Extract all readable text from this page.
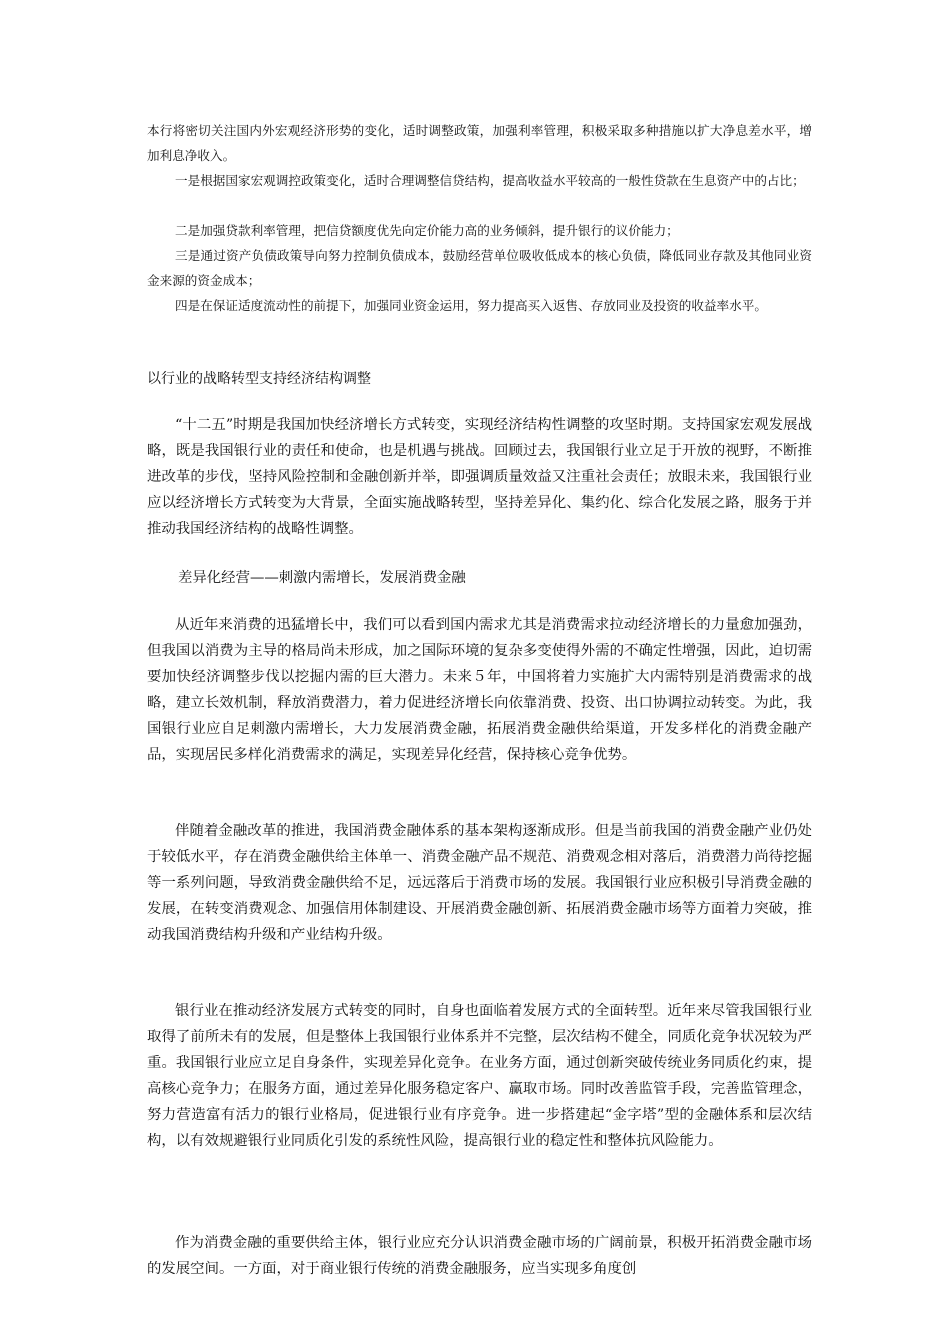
本行将密切关注国内外宏观经济形势的变化，适时调整政策，加强利率管理，积极采取多种措施以扩大净息差水平，增加利息净收入。

一是根据国家宏观调控政策变化，适时合理调整信贷结构，提高收益水平较高的一般性贷款在生息资产中的占比；

二是加强贷款利率管理，把信贷额度优先向定价能力高的业务倾斜，提升银行的议价能力；

三是通过资产负债政策导向努力控制负债成本，鼓励经营单位吸收低成本的核心负债，降低同业存款及其他同业资金来源的资金成本；

四是在保证适度流动性的前提下，加强同业资金运用，努力提高买入返售、存放同业及投资的收益率水平。

以行业的战略转型支持经济结构调整

“十二五”时期是我国加快经济增长方式转变，实现经济结构性调整的攻坚时期。支持国家宏观发展战略，既是我国银行业的责任和使命，也是机遇与挑战。回顾过去，我国银行业立足于开放的视野，不断推进改革的步伐，坚持风险控制和金融创新并举，即强调质量效益又注重社会责任；放眼未来，我国银行业应以经济增长方式转变为大背景，全面实施战略转型，坚持差异化、集约化、综合化发展之路，服务于并推动我国经济结构的战略性调整。

差异化经营——刺激内需增长，发展消费金融

从近年来消费的迅猛增长中，我们可以看到国内需求尤其是消费需求拉动经济增长的力量愈加强劲，但我国以消费为主导的格局尚未形成，加之国际环境的复杂多变使得外需的不确定性增强，因此，迫切需要加快经济调整步伐以挖掘内需的巨大潜力。未来５年，中国将着力实施扩大内需特别是消费需求的战略，建立长效机制，释放消费潜力，着力促进经济增长向依靠消费、投资、出口协调拉动转变。为此，我国银行业应自足刺激内需增长，大力发展消费金融，拓展消费金融供给渠道，开发多样化的消费金融产品，实现居民多样化消费需求的满足，实现差异化经营，保持核心竞争优势。

伴随着金融改革的推进，我国消费金融体系的基本架构逐渐成形。但是当前我国的消费金融产业仍处于较低水平，存在消费金融供给主体单一、消费金融产品不规范、消费观念相对落后，消费潜力尚待挖掘等一系列问题，导致消费金融供给不足，远远落后于消费市场的发展。我国银行业应积极引导消费金融的发展，在转变消费观念、加强信用体制建设、开展消费金融创新、拓展消费金融市场等方面着力突破，推动我国消费结构升级和产业结构升级。

银行业在推动经济发展方式转变的同时，自身也面临着发展方式的全面转型。近年来尽管我国银行业取得了前所未有的发展，但是整体上我国银行业体系并不完整，层次结构不健全，同质化竞争状况较为严重。我国银行业应立足自身条件，实现差异化竞争。在业务方面，通过创新突破传统业务同质化约束，提高核心竞争力；在服务方面，通过差异化服务稳定客户、赢取市场。同时改善监管手段，完善监管理念，努力营造富有活力的银行业格局，促进银行业有序竞争。进一步搭建起“金字塔”型的金融体系和层次结构，以有效规避银行业同质化引发的系统性风险，提高银行业的稳定性和整体抗风险能力。

作为消费金融的重要供给主体，银行业应充分认识消费金融市场的广阔前景，积极开拓消费金融市场的发展空间。一方面，对于商业银行传统的消费金融服务，应当实现多角度创
